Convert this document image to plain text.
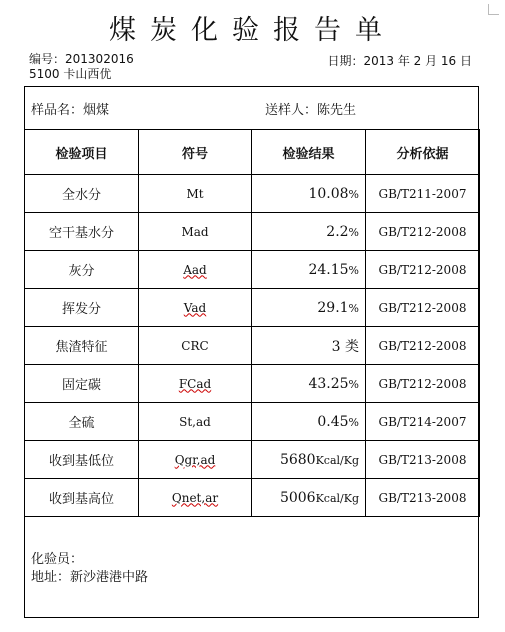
煤炭化验报告单
编号：201302016
5100 卡山西优
日期：2013 年 2 月 16 日
样品名：烟煤	送样人：陈先生
检验项目	符号	检验结果	分析依据
全水分	Mt	10.08%	GB/T211-2007
空干基水分	Mad	2.2%	GB/T212-2008
灰分	Aad	24.15%	GB/T212-2008
挥发分	Vad	29.1%	GB/T212-2008
焦渣特征	CRC	3 类	GB/T212-2008
固定碳	FCad	43.25%	GB/T212-2008
全硫	St,ad	0.45%	GB/T214-2007
收到基低位	Qgr,ad	5680Kcal/Kg	GB/T213-2008
收到基高位	Qnet,ar	5006Kcal/Kg	GB/T213-2008
化验员：
地址：新沙港港中路
